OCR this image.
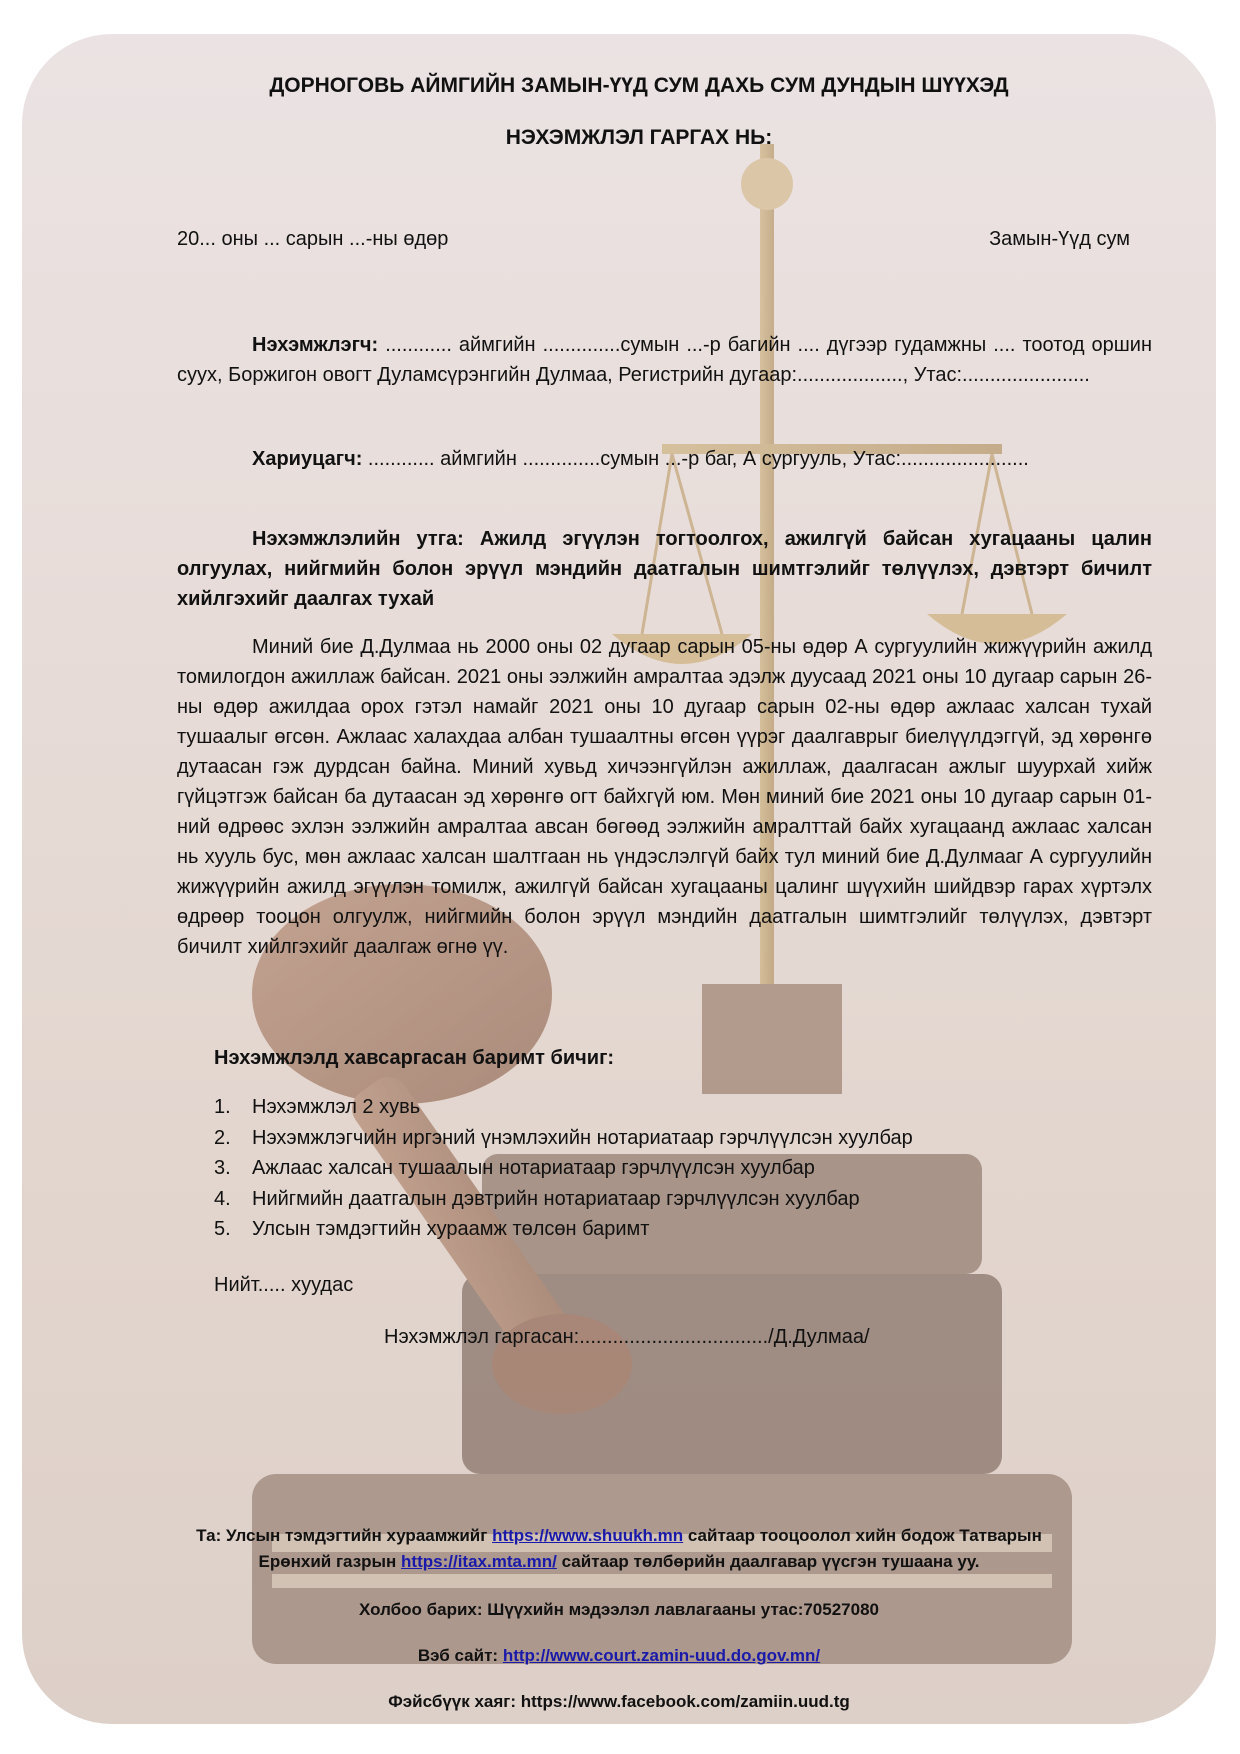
ДОРНОГОВЬ АЙМГИЙН ЗАМЫН-ҮҮД СУМ ДАХЬ СУМ ДУНДЫН ШҮҮХЭД
НЭХЭМЖЛЭЛ ГАРГАХ НЬ:
20... оны ... сарын ...-ны өдөр	Замын-Үүд сум
Нэхэмжлэгч: ............ аймгийн ..............сумын ...-р багийн .... дүгээр гудамжны .... тоотод оршин суух, Боржигон овогт Дуламсүрэнгийн Дулмаа, Регистрийн дугаар:..................., Утас:.......................
Хариуцагч: ............ аймгийн ..............сумын ...-р баг, А сургууль, Утас:.......................
Нэхэмжлэлийн утга: Ажилд эгүүлэн тогтоолгох, ажилгүй байсан хугацааны цалин олгуулах, нийгмийн болон эрүүл мэндийн даатгалын шимтгэлийг төлүүлэх, дэвтэрт бичилт хийлгэхийг даалгах тухай
Миний бие Д.Дулмаа нь 2000 оны 02 дугаар сарын 05-ны өдөр А сургуулийн жижүүрийн ажилд томилогдон ажиллаж байсан. 2021 оны ээлжийн амралтаа эдэлж дуусаад 2021 оны 10 дугаар сарын 26-ны өдөр ажилдаа орох гэтэл намайг 2021 оны 10 дугаар сарын 02-ны өдөр ажлаас халсан тухай тушаалыг өгсөн. Ажлаас халахдаа албан тушаалтны өгсөн үүрэг даалгаврыг биелүүлдэггүй, эд хөрөнгө дутаасан гэж дурдсан байна. Миний хувьд хичээнгүйлэн ажиллаж, даалгасан ажлыг шуурхай хийж гүйцэтгэж байсан ба дутаасан эд хөрөнгө огт байхгүй юм. Мөн миний бие 2021 оны 10 дугаар сарын 01-ний өдрөөс эхлэн ээлжийн амралтаа авсан бөгөөд ээлжийн амралттай байх хугацаанд ажлаас халсан нь хууль бус, мөн ажлаас халсан шалтгаан нь үндэслэлгүй байх тул миний бие Д.Дулмааг А сургуулийн жижүүрийн ажилд эгүүлэн томилж, ажилгүй байсан хугацааны цалинг шүүхийн шийдвэр гарах хүртэлх өдрөөр тооцон олгуулж, нийгмийн болон эрүүл мэндийн даатгалын шимтгэлийг төлүүлэх, дэвтэрт бичилт хийлгэхийг даалгаж өгнө үү.
Нэхэмжлэлд хавсаргасан баримт бичиг:
1.	Нэхэмжлэл 2 хувь
2.	Нэхэмжлэгчийн иргэний үнэмлэхийн нотариатаар гэрчлүүлсэн хуулбар
3.	Ажлаас халсан тушаалын нотариатаар гэрчлүүлсэн хуулбар
4.	Нийгмийн даатгалын дэвтрийн нотариатаар гэрчлүүлсэн хуулбар
5.	Улсын тэмдэгтийн хураамж төлсөн баримт
Нийт..... хуудас
Нэхэмжлэл гаргасан:................................../Д.Дулмаа/
Та: Улсын тэмдэгтийн хураамжийг https://www.shuukh.mn сайтаар тооцоолол хийн бодож Татварын
Ерөнхий газрын https://itax.mta.mn/ сайтаар төлбөрийн даалгавар үүсгэн тушаана уу.
Холбоо барих: Шүүхийн мэдээлэл лавлагааны утас:70527080
Вэб сайт: http://www.court.zamin-uud.do.gov.mn/
Фэйсбүүк хаяг: https://www.facebook.com/zamiin.uud.tg
